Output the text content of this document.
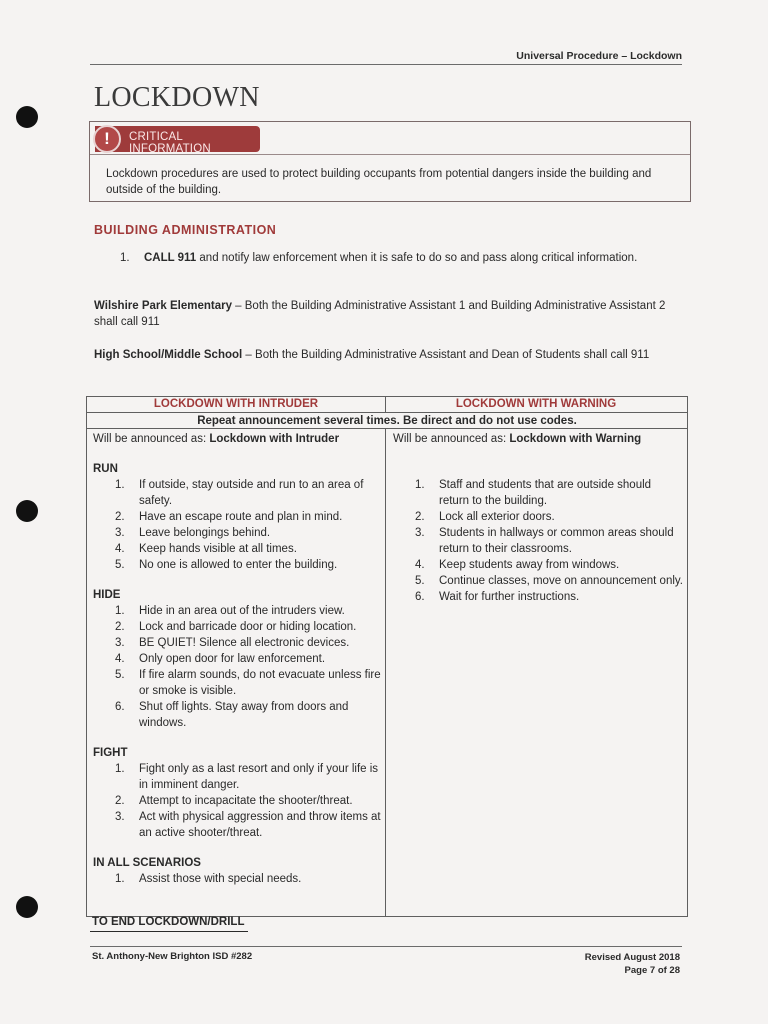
Universal Procedure – Lockdown
LOCKDOWN
!	CRITICAL INFORMATION
Lockdown procedures are used to protect building occupants from potential dangers inside the building and outside of the building.
BUILDING ADMINISTRATION
1. CALL 911 and notify law enforcement when it is safe to do so and pass along critical information.
Wilshire Park Elementary – Both the Building Administrative Assistant 1 and Building Administrative Assistant 2 shall call 911
High School/Middle School – Both the Building Administrative Assistant and Dean of Students shall call 911
LOCKDOWN WITH INTRUDER	LOCKDOWN WITH WARNING
Repeat announcement several times. Be direct and do not use codes.
Will be announced as: Lockdown with Intruder
RUN
1. If outside, stay outside and run to an area of safety.
2. Have an escape route and plan in mind.
3. Leave belongings behind.
4. Keep hands visible at all times.
5. No one is allowed to enter the building.
HIDE
1. Hide in an area out of the intruders view.
2. Lock and barricade door or hiding location.
3. BE QUIET! Silence all electronic devices.
4. Only open door for law enforcement.
5. If fire alarm sounds, do not evacuate unless fire or smoke is visible.
6. Shut off lights. Stay away from doors and windows.
FIGHT
1. Fight only as a last resort and only if your life is in imminent danger.
2. Attempt to incapacitate the shooter/threat.
3. Act with physical aggression and throw items at an active shooter/threat.
IN ALL SCENARIOS
1. Assist those with special needs.
Will be announced as: Lockdown with Warning
1. Staff and students that are outside should return to the building.
2. Lock all exterior doors.
3. Students in hallways or common areas should return to their classrooms.
4. Keep students away from windows.
5. Continue classes, move on announcement only.
6. Wait for further instructions.
TO END LOCKDOWN/DRILL
St. Anthony-New Brighton ISD #282	Revised August 2018
Page 7 of 28
